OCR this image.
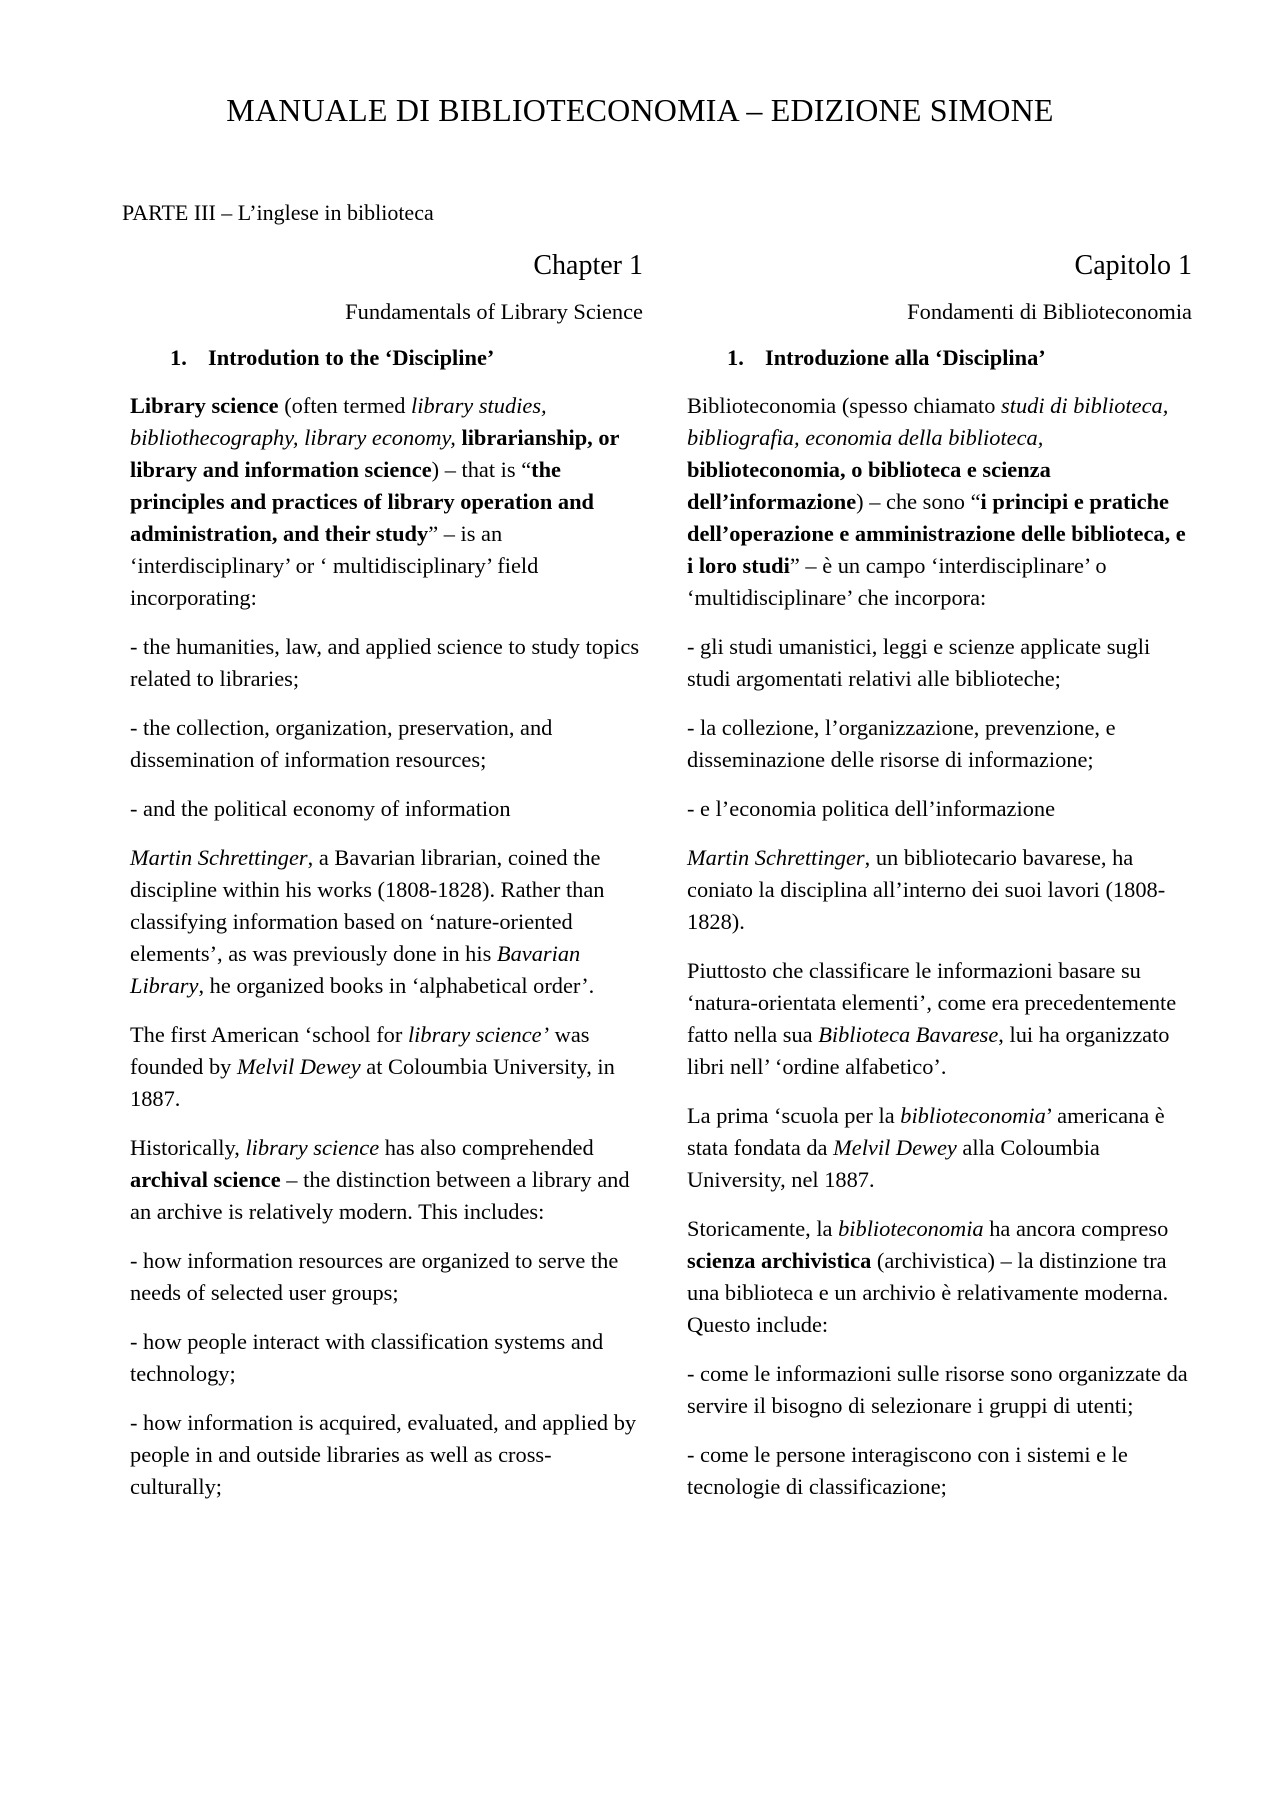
MANUALE DI BIBLIOTECONOMIA – EDIZIONE SIMONE

PARTE III – L’inglese in biblioteca

Chapter 1
Fundamentals of Library Science
1. Introdution to the ‘Discipline’

Library science (often termed library studies, bibliothecography, library economy, librarianship, or library and information science) – that is “the principles and practices of library operation and administration, and their study” – is an ‘interdisciplinary’ or ‘ multidisciplinary’ field incorporating:

- the humanities, law, and applied science to study topics related to libraries;

- the collection, organization, preservation, and dissemination of information resources;

- and the political economy of information

Martin Schrettinger, a Bavarian librarian, coined the discipline within his works (1808-1828). Rather than classifying information based on ‘nature-oriented elements’, as was previously done in his Bavarian Library, he organized books in ‘alphabetical order’.

The first American ‘school for library science’ was founded by Melvil Dewey at Coloumbia University, in 1887.

Historically, library science has also comprehended archival science – the distinction between a library and an archive is relatively modern. This includes:

- how information resources are organized to serve the needs of selected user groups;

- how people interact with classification systems and technology;

- how information is acquired, evaluated, and applied by people in and outside libraries as well as cross-culturally;

Capitolo 1
Fondamenti di Biblioteconomia
1. Introduzione alla ‘Disciplina’

Biblioteconomia (spesso chiamato studi di biblioteca, bibliografia, economia della biblioteca, biblioteconomia, o biblioteca e scienza dell’informazione) – che sono “i principi e pratiche dell’operazione e amministrazione delle biblioteca, e i loro studi” – è un campo ‘interdisciplinare’ o ‘multidisciplinare’ che incorpora:

- gli studi umanistici, leggi e scienze applicate sugli studi argomentati relativi alle biblioteche;

- la collezione, l’organizzazione, prevenzione, e disseminazione delle risorse di informazione;

- e l’economia politica dell’informazione

Martin Schrettinger, un bibliotecario bavarese, ha coniato la disciplina all’interno dei suoi lavori (1808-1828).

Piuttosto che classificare le informazioni basare su ‘natura-orientata elementi’, come era precedentemente fatto nella sua Biblioteca Bavarese, lui ha organizzato libri nell’ ‘ordine alfabetico’.

La prima ‘scuola per la biblioteconomia’ americana è stata fondata da Melvil Dewey alla Coloumbia University, nel 1887.

Storicamente, la biblioteconomia ha ancora compreso scienza archivistica (archivistica) – la distinzione tra una biblioteca e un archivio è relativamente moderna. Questo include:

- come le informazioni sulle risorse sono organizzate da servire il bisogno di selezionare i gruppi di utenti;

- come le persone interagiscono con i sistemi e le tecnologie di classificazione;
